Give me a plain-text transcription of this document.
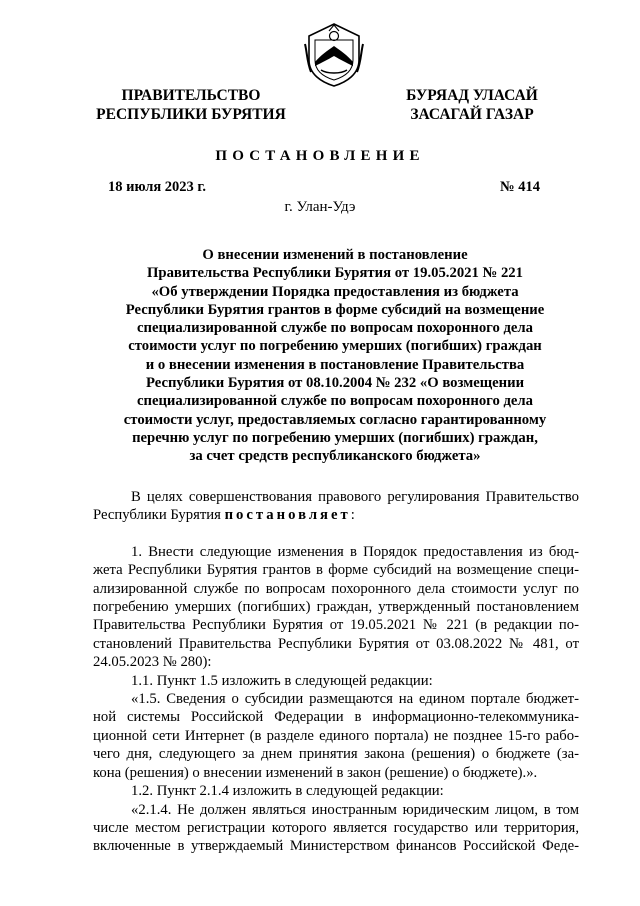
ПРАВИТЕЛЬСТВО
РЕСПУБЛИКИ БУРЯТИЯ
БУРЯАД УЛАСАЙ
ЗАСАГАЙ ГАЗАР
ПОСТАНОВЛЕНИЕ
18 июля 2023 г.	№ 414
г. Улан-Удэ
О внесении изменений в постановление
Правительства Республики Бурятия от 19.05.2021 № 221
«Об утверждении Порядка предоставления из бюджета
Республики Бурятия грантов в форме субсидий на возмещение
специализированной службе по вопросам похоронного дела
стоимости услуг по погребению умерших (погибших) граждан
и о внесении изменения в постановление Правительства
Республики Бурятия от 08.10.2004 № 232 «О возмещении
специализированной службе по вопросам похоронного дела
стоимости услуг, предоставляемых согласно гарантированному
перечню услуг по погребению умерших (погибших) граждан,
за счет средств республиканского бюджета»
В целях совершенствования правового регулирования Правительство
Республики Бурятия постановляет:
1. Внести следующие изменения в Порядок предоставления из бюд-
жета Республики Бурятия грантов в форме субсидий на возмещение специ-
ализированной службе по вопросам похоронного дела стоимости услуг по
погребению умерших (погибших) граждан, утвержденный постановлением
Правительства Республики Бурятия от 19.05.2021 № 221 (в редакции по-
становлений Правительства Республики Бурятия от 03.08.2022 № 481, от
24.05.2023 № 280):
1.1. Пункт 1.5 изложить в следующей редакции:
«1.5. Сведения о субсидии размещаются на едином портале бюджет-
ной системы Российской Федерации в информационно-телекоммуника-
ционной сети Интернет (в разделе единого портала) не позднее 15-го рабо-
чего дня, следующего за днем принятия закона (решения) о бюджете (за-
кона (решения) о внесении изменений в закон (решение) о бюджете).».
1.2. Пункт 2.1.4 изложить в следующей редакции:
«2.1.4. Не должен являться иностранным юридическим лицом, в том
числе местом регистрации которого является государство или территория,
включенные в утверждаемый Министерством финансов Российской Феде-
